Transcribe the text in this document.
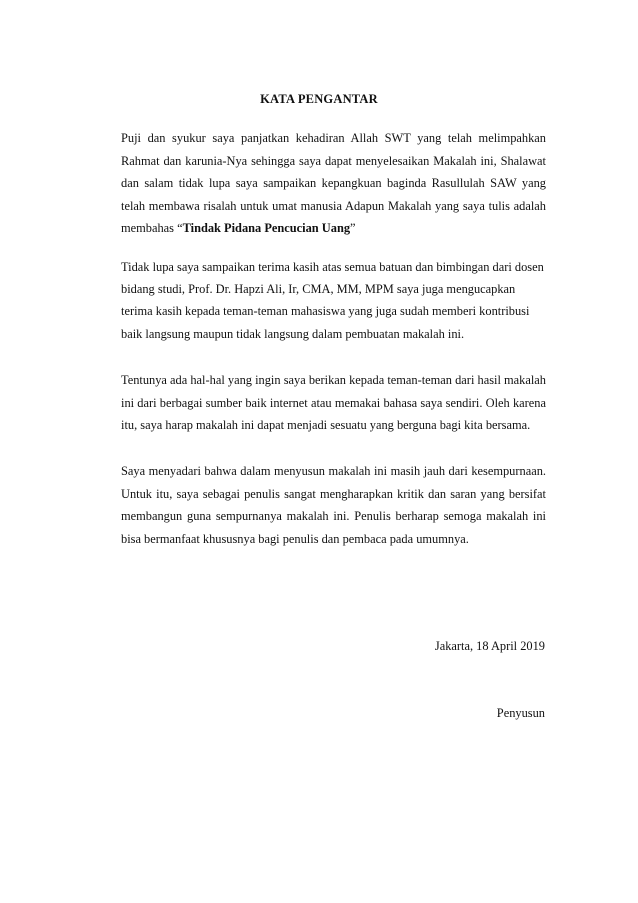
KATA PENGANTAR

Puji dan syukur saya panjatkan kehadiran Allah SWT yang telah melimpahkan Rahmat dan karunia-Nya sehingga saya dapat menyelesaikan Makalah ini, Shalawat dan salam tidak lupa saya sampaikan kepangkuan baginda Rasullulah SAW yang telah membawa risalah untuk umat manusia Adapun Makalah yang saya tulis adalah membahas “Tindak Pidana Pencucian Uang”

Tidak lupa saya sampaikan terima kasih atas semua batuan dan bimbingan dari dosen bidang studi, Prof. Dr. Hapzi Ali, Ir, CMA, MM, MPM saya juga mengucapkan terima kasih kepada teman-teman mahasiswa yang juga sudah memberi kontribusi baik langsung maupun tidak langsung dalam pembuatan makalah ini.

Tentunya ada hal-hal yang ingin saya berikan kepada teman-teman dari hasil makalah ini dari berbagai sumber baik internet atau memakai bahasa saya sendiri. Oleh karena itu, saya harap makalah ini dapat menjadi sesuatu yang berguna bagi kita bersama.

Saya menyadari bahwa dalam menyusun makalah ini masih jauh dari kesempurnaan. Untuk itu, saya sebagai penulis sangat mengharapkan kritik dan saran yang bersifat membangun guna sempurnanya makalah ini. Penulis berharap semoga makalah ini bisa bermanfaat khususnya bagi penulis dan pembaca pada umumnya.

Jakarta, 18 April 2019
Penyusun
